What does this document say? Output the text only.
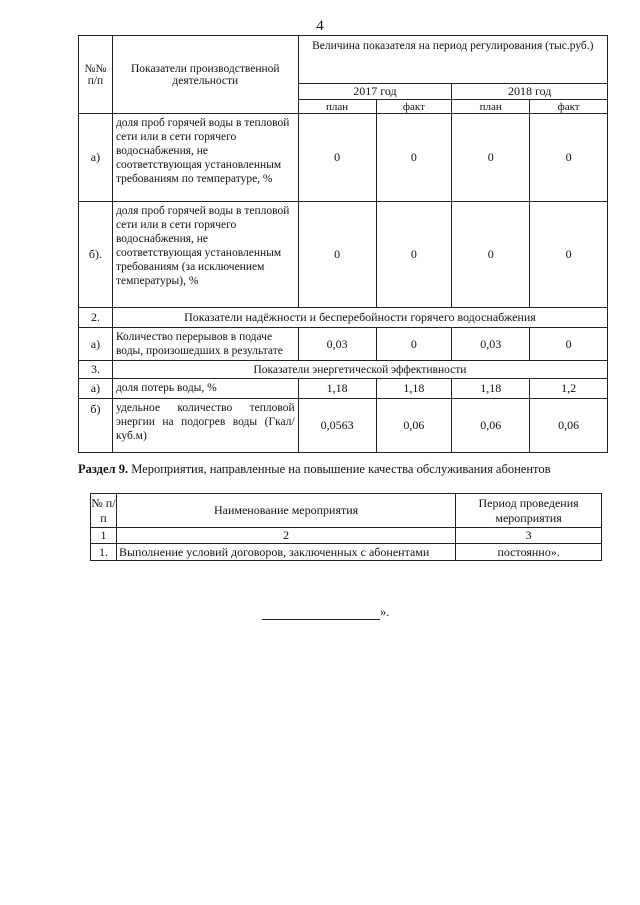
4
№№ п/п	Показатели производственной деятельности	Величина показателя на период регулирования (тыс.руб.)			
		2017 год		2018 год	
		план	факт	план	факт
а)	доля проб горячей воды в тепловой сети или в сети горячего водоснабжения, не соответствующая установленным требованиям по температуре, %	0	0	0	0
б).	доля проб горячей воды в тепловой сети или в сети горячего водоснабжения, не соответствующая установленным требованиям (за исключением температуры), %	0	0	0	0
2.	Показатели надёжности и бесперебойности горячего водоснабжения				
а)	Количество перерывов в подаче воды, произошедших в результате	0,03	0	0,03	0
3.	Показатели энергетической эффективности				
а)	доля потерь воды, %	1,18	1,18	1,18	1,2
б)	удельное количество тепловой энергии на подогрев воды (Гкал/куб.м)	0,0563	0,06	0,06	0,06
Раздел 9. Мероприятия, направленные на повышение качества обслуживания абонентов
№ п/п	Наименование мероприятия	Период проведения мероприятия
1	2	3
1.	Выполнение условий договоров, заключенных с абонентами	постоянно».
».
